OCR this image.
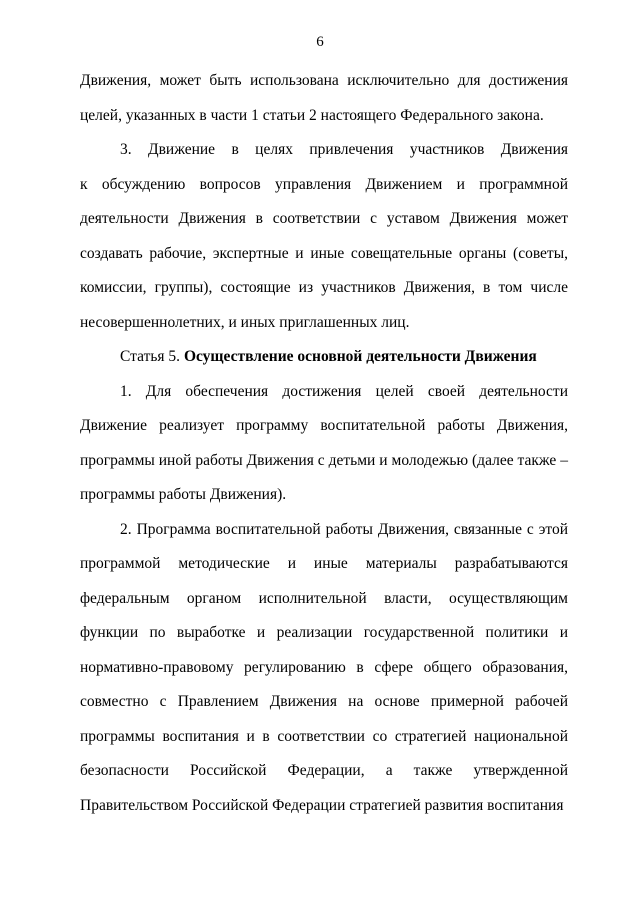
6
Движения, может быть использована исключительно для достижения
целей, указанных в части 1 статьи 2 настоящего Федерального закона.
3. Движение в целях привлечения участников Движения
к обсуждению вопросов управления Движением и программной
деятельности Движения в соответствии с уставом Движения может
создавать рабочие, экспертные и иные совещательные органы (советы,
комиссии, группы), состоящие из участников Движения, в том числе
несовершеннолетних, и иных приглашенных лиц.

Статья 5. Осуществление основной деятельности Движения

1. Для обеспечения достижения целей своей деятельности
Движение реализует программу воспитательной работы Движения,
программы иной работы Движения с детьми и молодежью (далее также –
программы работы Движения).
2. Программа воспитательной работы Движения, связанные с этой
программой методические и иные материалы разрабатываются
федеральным органом исполнительной власти, осуществляющим
функции по выработке и реализации государственной политики и
нормативно-правовому регулированию в сфере общего образования,
совместно с Правлением Движения на основе примерной рабочей
программы воспитания и в соответствии со стратегией национальной
безопасности Российской Федерации, а также утвержденной
Правительством Российской Федерации стратегией развития воспитания
